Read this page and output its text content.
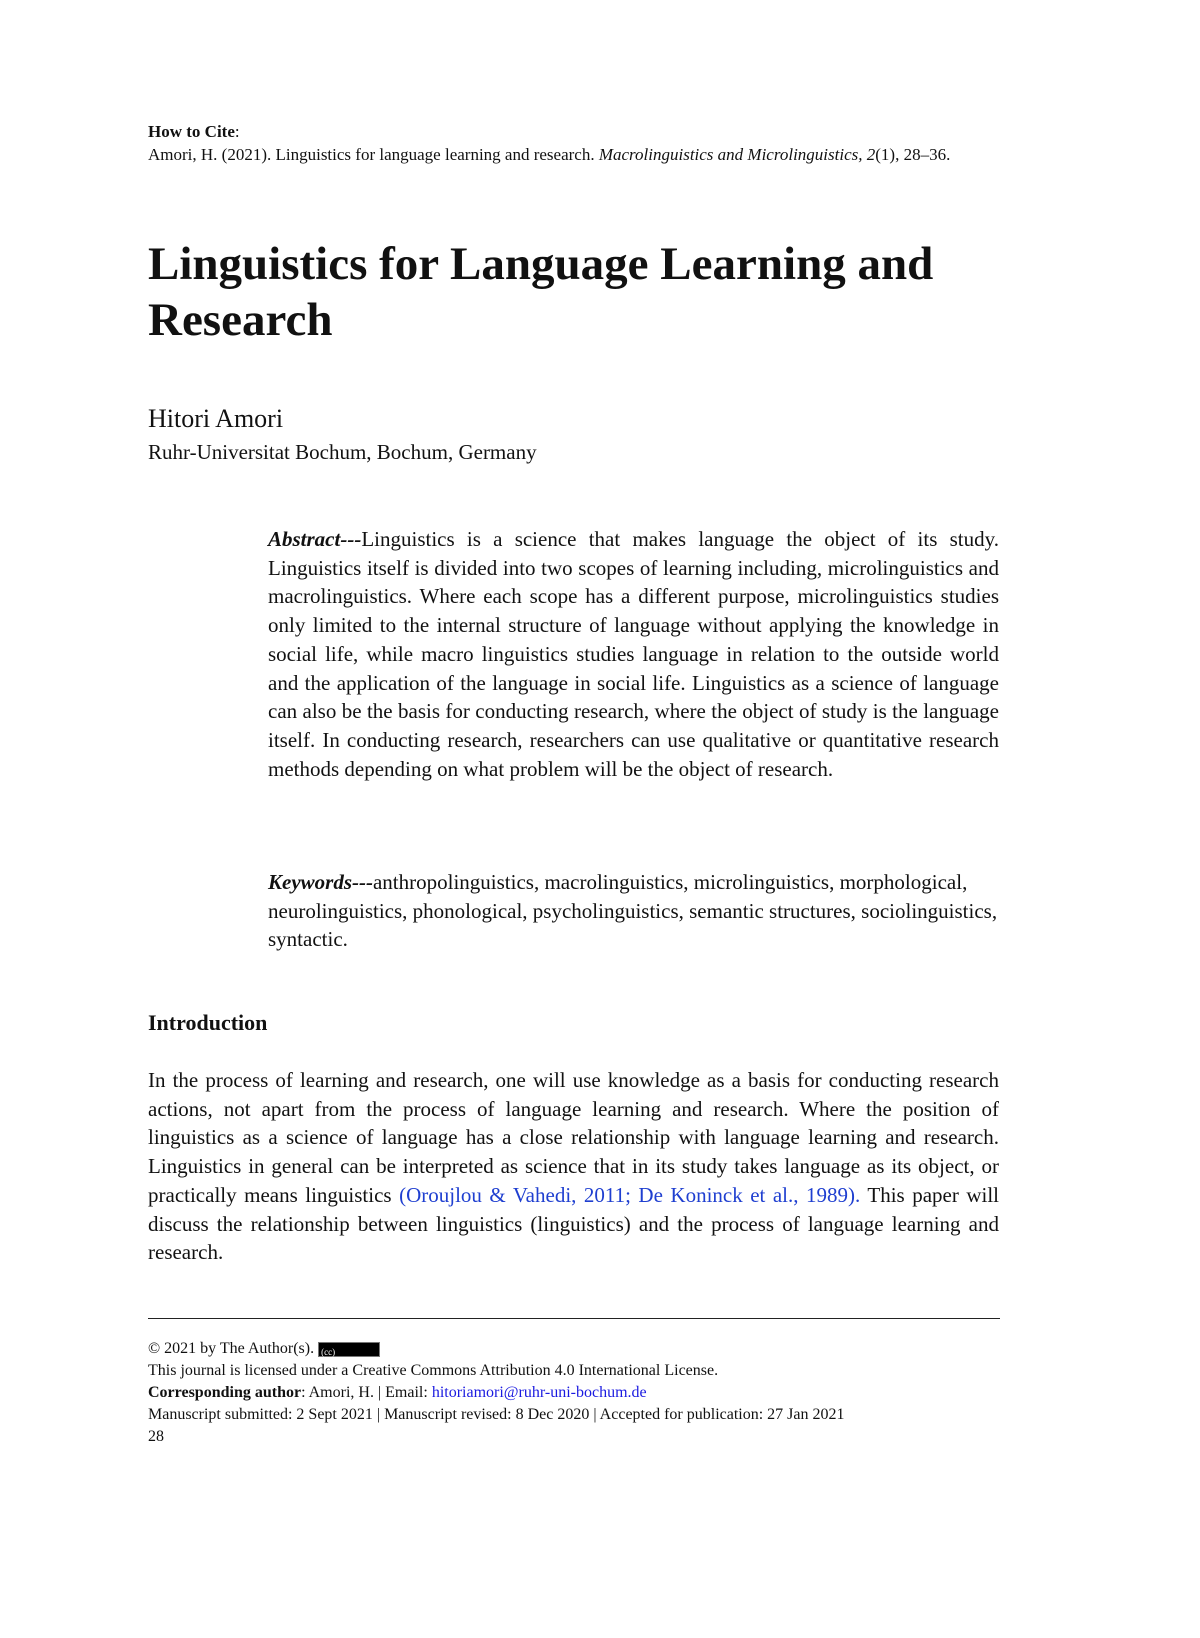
How to Cite:
Amori, H. (2021). Linguistics for language learning and research. Macrolinguistics and Microlinguistics, 2(1), 28–36.
Linguistics for Language Learning and Research
Hitori Amori
Ruhr-Universitat Bochum, Bochum, Germany

Abstract---Linguistics is a science that makes language the object of its study. Linguistics itself is divided into two scopes of learning including, microlinguistics and macrolinguistics. Where each scope has a different purpose, microlinguistics studies only limited to the internal structure of language without applying the knowledge in social life, while macro linguistics studies language in relation to the outside world and the application of the language in social life. Linguistics as a science of language can also be the basis for conducting research, where the object of study is the language itself. In conducting research, researchers can use qualitative or quantitative research methods depending on what problem will be the object of research.

Keywords---anthropolinguistics, macrolinguistics, microlinguistics, morphological, neurolinguistics, phonological, psycholinguistics, semantic structures, sociolinguistics, syntactic.

Introduction

In the process of learning and research, one will use knowledge as a basis for conducting research actions, not apart from the process of language learning and research. Where the position of linguistics as a science of language has a close relationship with language learning and research. Linguistics in general can be interpreted as science that in its study takes language as its object, or practically means linguistics (Oroujlou & Vahedi, 2011; De Koninck et al., 1989). This paper will discuss the relationship between linguistics (linguistics) and the process of language learning and research.

© 2021 by The Author(s).(cc)
This journal is licensed under a Creative Commons Attribution 4.0 International License.
Corresponding author: Amori, H. | Email: hitoriamori@ruhr-uni-bochum.de
Manuscript submitted: 2 Sept 2021 | Manuscript revised: 8 Dec 2020 | Accepted for publication: 27 Jan 2021
28
